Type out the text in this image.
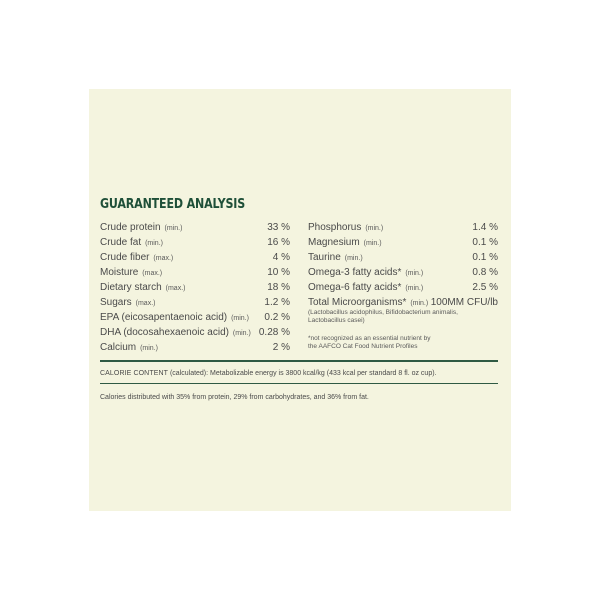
GUARANTEED ANALYSIS
Crude protein (min.)	33 %
Crude fat (min.)	16 %
Crude fiber (max.)	4 %
Moisture (max.)	10 %
Dietary starch (max.)	18 %
Sugars (max.)	1.2 %
EPA (eicosapentaenoic acid) (min.) 0.2 %
DHA (docosahexaenoic acid) (min.) 0.28 %
Calcium (min.)	2 %
Phosphorus (min.)	1.4 %
Magnesium (min.)	0.1 %
Taurine (min.)	0.1 %
Omega-3 fatty acids* (min.)	0.8 %
Omega-6 fatty acids* (min.)	2.5 %
Total Microorganisms* (min.) 100MM CFU/lb
(Lactobacillus acidophilus, Bifidobacterium animalis,
Lactobacillus casei)
*not recognized as an essential nutrient by
the AAFCO Cat Food Nutrient Profiles
CALORIE CONTENT (calculated): Metabolizable energy is 3800 kcal/kg (433 kcal per standard 8 fl. oz cup).
Calories distributed with 35% from protein, 29% from carbohydrates, and 36% from fat.
